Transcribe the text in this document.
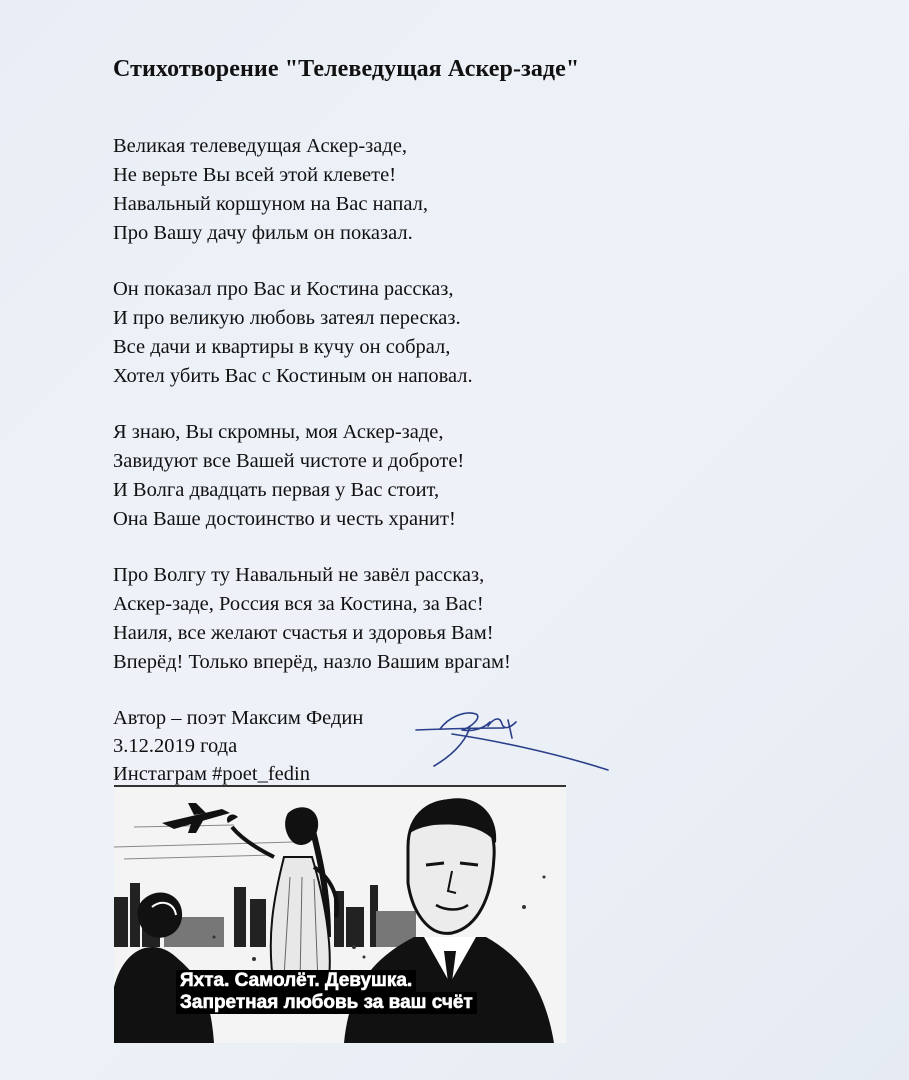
Стихотворение "Телеведущая Аскер-заде"
Великая телеведущая Аскер-заде,
Не верьте Вы всей этой клевете!
Навальный коршуном на Вас напал,
Про Вашу дачу фильм он показал.
Он показал про Вас и Костина рассказ,
И про великую любовь затеял пересказ.
Все дачи и квартиры в кучу он собрал,
Хотел убить Вас с Костиным он наповал.
Я знаю, Вы скромны, моя Аскер-заде,
Завидуют все Вашей чистоте и доброте!
И Волга двадцать первая у Вас стоит,
Она Ваше достоинство и честь хранит!
Про Волгу ту Навальный не завёл рассказ,
Аскер-заде, Россия вся за Костина, за Вас!
Наиля, все желают счастья и здоровья Вам!
Вперёд! Только вперёд, назло Вашим врагам!
Автор – поэт Максим Федин
3.12.2019 года
Инстаграм #poet_fedin
Яхта. Самолёт. Девушка.
Запретная любовь за ваш счёт
